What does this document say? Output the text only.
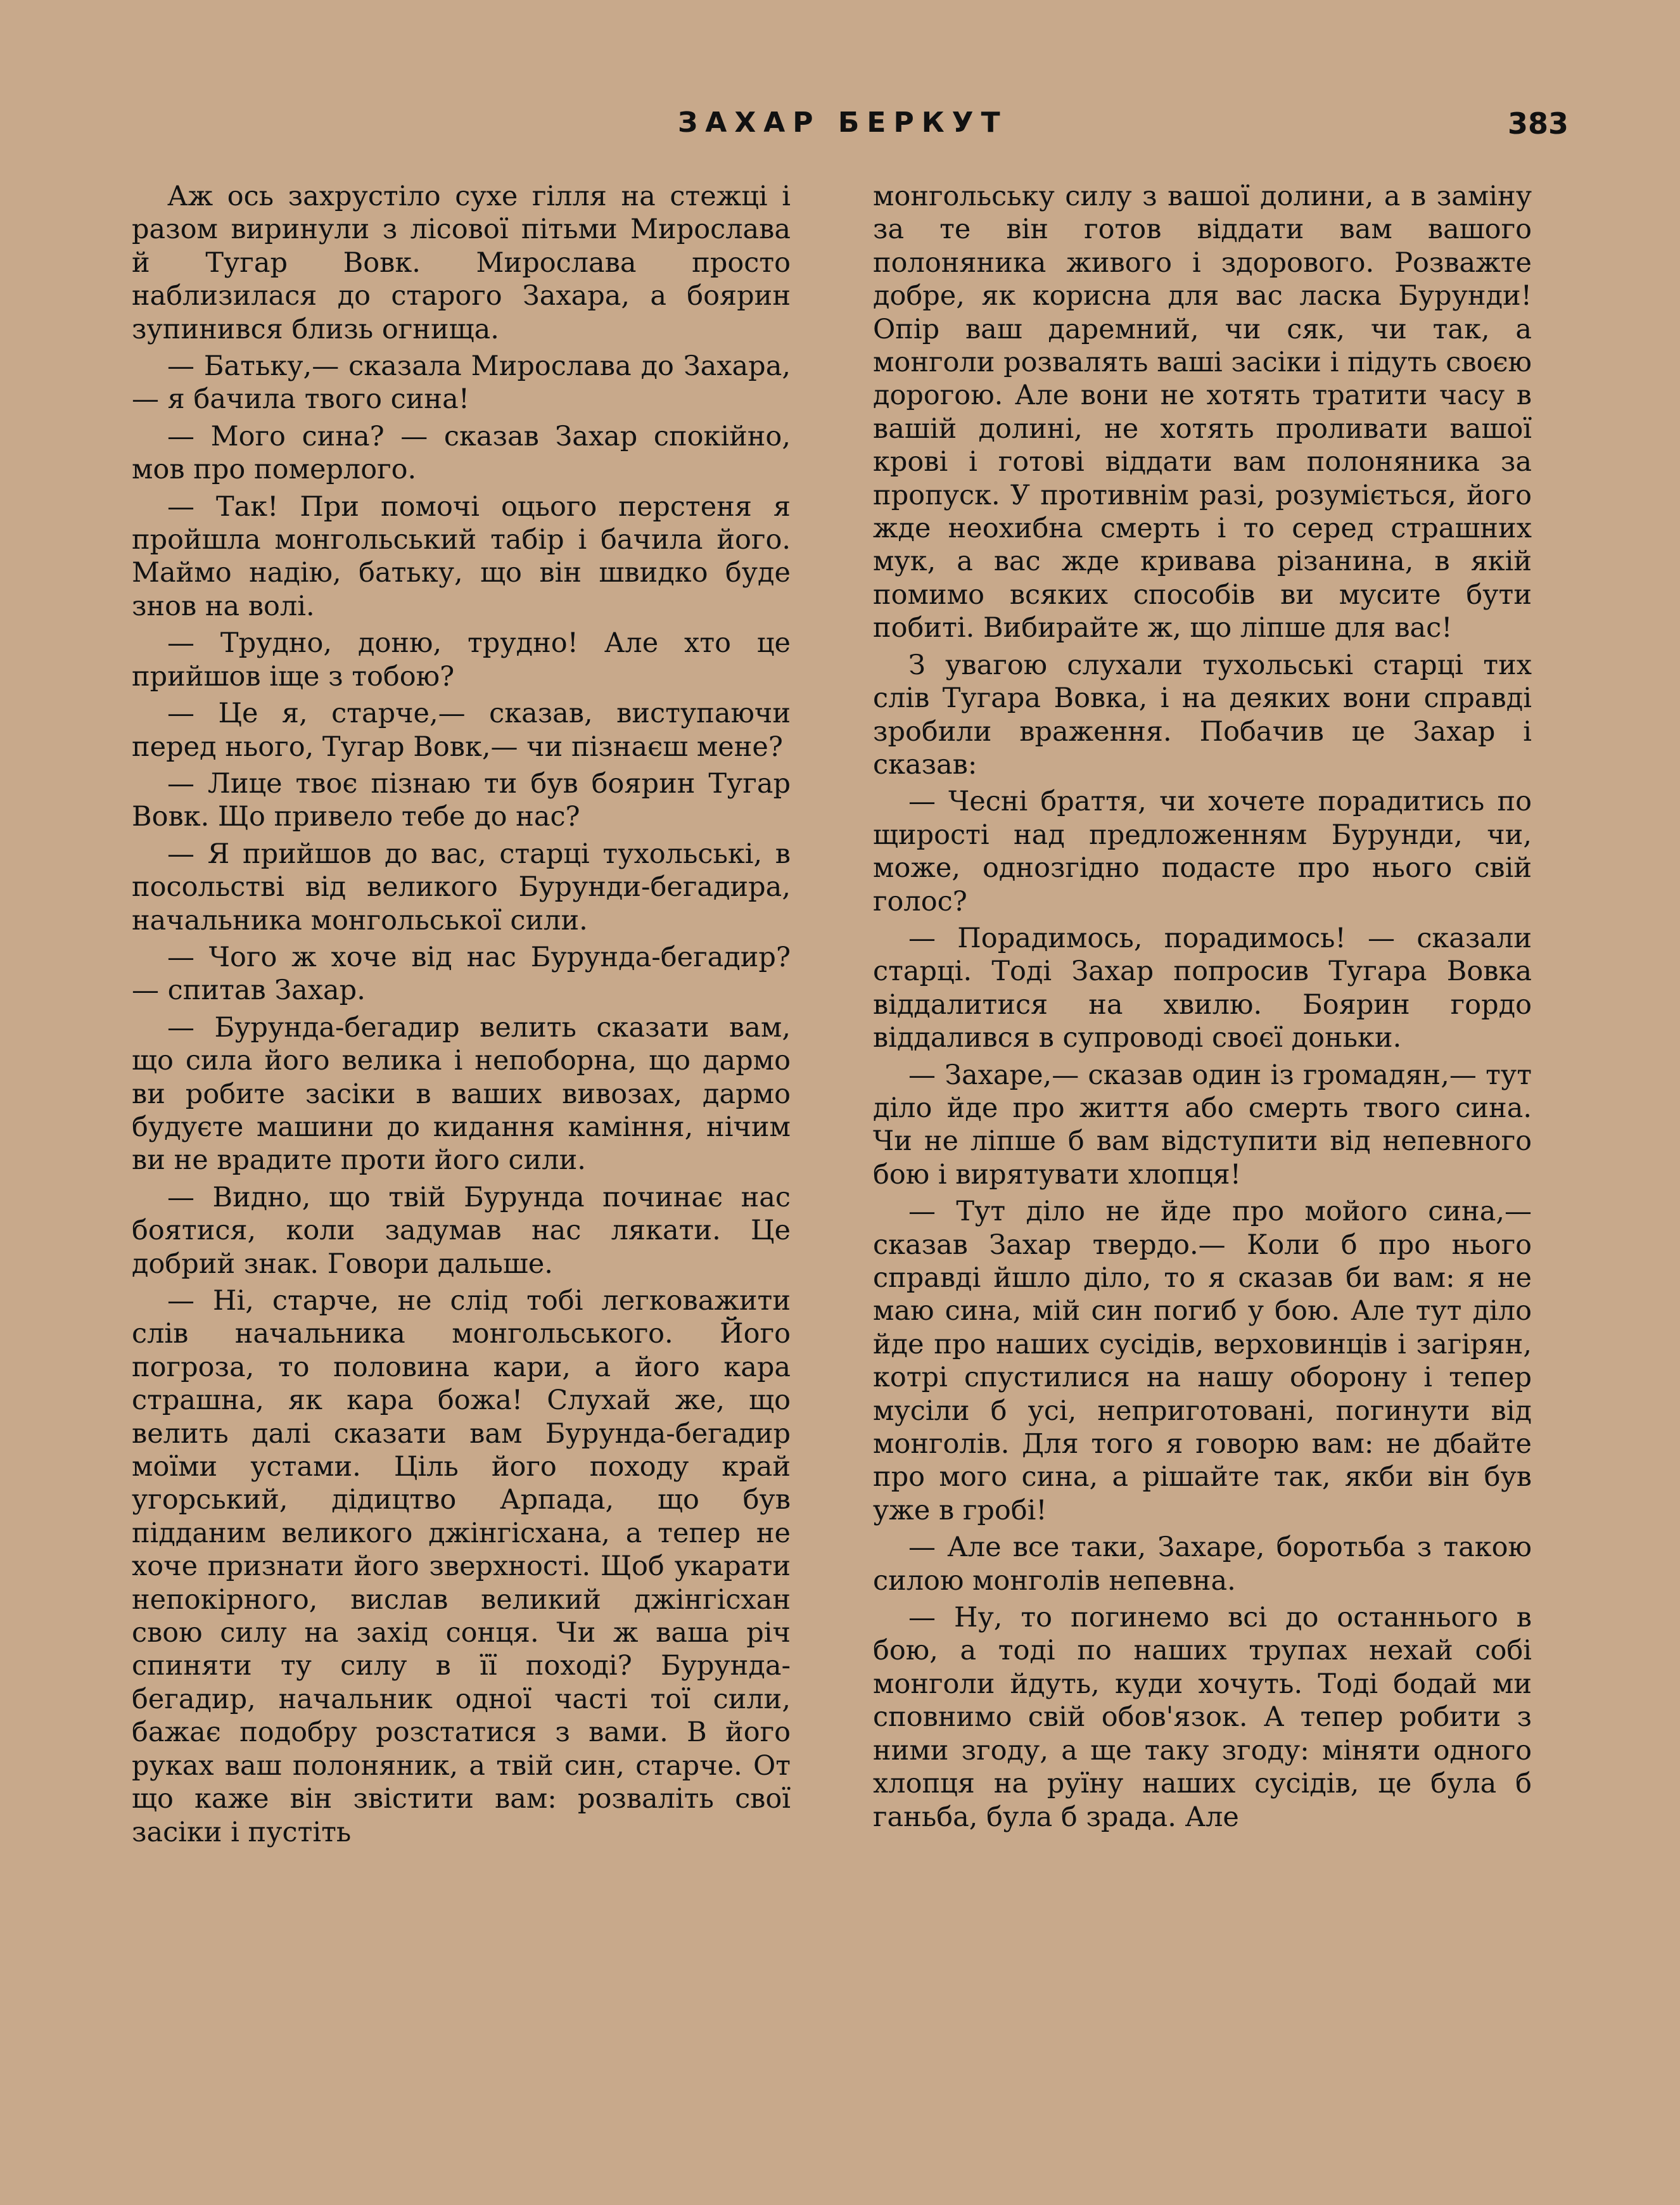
ЗАХАР БЕРКУТ	383

Аж ось захрустіло сухе гілля на стежці і разом виринули з лісової пітьми Мирослава й Тугар Вовк. Мирослава просто наблизилася до старого Захара, а боярин зупинився близь огнища.

— Батьку,— сказала Мирослава до Захара,— я бачила твого сина!

— Мого сина? — сказав Захар спокійно, мов про померлого.

— Так! При помочі оцього перстеня я пройшла монгольський табір і бачила його. Маймо надію, батьку, що він швидко буде знов на волі.

— Трудно, доню, трудно! Але хто це прийшов іще з тобою?

— Це я, старче,— сказав, виступаючи перед нього, Тугар Вовк,— чи пізнаєш мене?

— Лице твоє пізнаю ти був боярин Тугар Вовк. Що привело тебе до нас?

— Я прийшов до вас, старці тухольські, в посольстві від великого Бурунди-бегадира, начальника монгольської сили.

— Чого ж хоче від нас Бурунда-бегадир? — спитав Захар.

— Бурунда-бегадир велить сказати вам, що сила його велика і непоборна, що дармо ви робите засіки в ваших вивозах, дармо будуєте машини до кидання каміння, нічим ви не врадите проти його сили.

— Видно, що твій Бурунда починає нас боятися, коли задумав нас лякати. Це добрий знак. Говори дальше.

— Ні, старче, не слід тобі легковажити слів начальника монгольського. Його погроза, то половина кари, а його кара страшна, як кара божа! Слухай же, що велить далі сказати вам Бурунда-бегадир моїми устами. Ціль його походу край угорський, дідицтво Арпада, що був підданим великого джінгісхана, а тепер не хоче признати його зверхності. Щоб укарати непокірного, вислав великий джінгісхан свою силу на захід сонця. Чи ж ваша річ спиняти ту силу в її поході? Бурунда-бегадир, начальник одної часті тої сили, бажає подобру розстатися з вами. В його руках ваш полоняник, а твій син, старче. От що каже він звістити вам: розваліть свої засіки і пустіть

монгольську силу з вашої долини, а в заміну за те він готов віддати вам вашого полоняника живого і здорового. Розважте добре, як корисна для вас ласка Бурунди! Опір ваш даремний, чи сяк, чи так, а монголи розвалять ваші засіки і підуть своєю дорогою. Але вони не хотять тратити часу в вашій долині, не хотять проливати вашої крові і готові віддати вам полоняника за пропуск. У противнім разі, розуміється, його жде неохибна смерть і то серед страшних мук, а вас жде кривава різанина, в якій помимо всяких способів ви мусите бути побиті. Вибирайте ж, що ліпше для вас!

З увагою слухали тухольські старці тих слів Тугара Вовка, і на деяких вони справді зробили враження. Побачив це Захар і сказав:

— Чесні браття, чи хочете порадитись по щирості над предложенням Бурунди, чи, може, однозгідно подасте про нього свій голос?

— Порадимось, порадимось! — сказали старці. Тоді Захар попросив Тугара Вовка віддалитися на хвилю. Боярин гордо віддалився в супроводі своєї доньки.

— Захаре,— сказав один із громадян,— тут діло йде про життя або смерть твого сина. Чи не ліпше б вам відступити від непевного бою і вирятувати хлопця!

— Тут діло не йде про мойого сина,— сказав Захар твердо.— Коли б про нього справді йшло діло, то я сказав би вам: я не маю сина, мій син погиб у бою. Але тут діло йде про наших сусідів, верховинців і загірян, котрі спустилися на нашу оборону і тепер мусіли б усі, неприготовані, погинути від монголів. Для того я говорю вам: не дбайте про мого сина, а рішайте так, якби він був уже в гробі!

— Але все таки, Захаре, боротьба з такою силою монголів непевна.

— Ну, то погинемо всі до останнього в бою, а тоді по наших трупах нехай собі монголи йдуть, куди хочуть. Тоді бодай ми сповнимо свій обов'язок. А тепер робити з ними згоду, а ще таку згоду: міняти одного хлопця на руїну наших сусідів, це була б ганьба, була б зрада. Але
